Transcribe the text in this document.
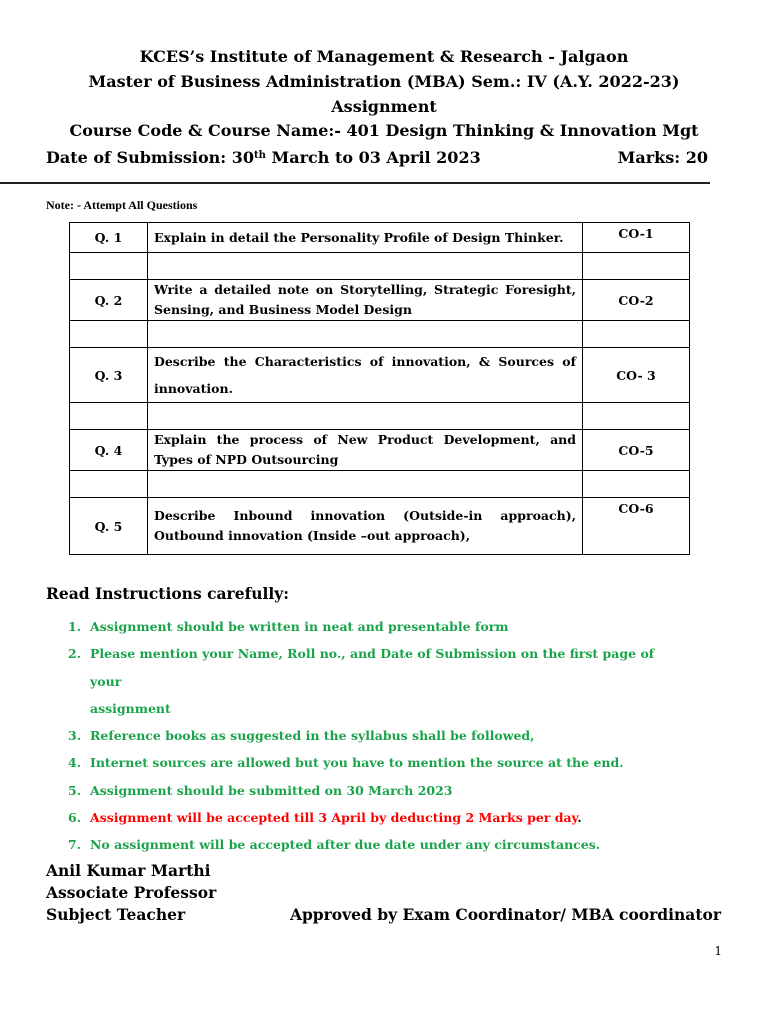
KCES’s Institute of Management & Research - Jalgaon
Master of Business Administration (MBA) Sem.: IV (A.Y. 2022-23)
Assignment
Course Code & Course Name:- 401 Design Thinking & Innovation Mgt
Date of Submission: 30th March to 03 April 2023	Marks: 20
Note: - Attempt All Questions
Q. 1	Explain in detail the Personality Profile of Design Thinker.	CO-1

Q. 2	Write a detailed note on Storytelling, Strategic Foresight, Sensing, and Business Model Design	CO-2

Q. 3	Describe the Characteristics of innovation, & Sources of innovation.	CO- 3

Q. 4	Explain the process of New Product Development, and Types of NPD Outsourcing	CO-5

Q. 5	Describe Inbound innovation (Outside-in approach), Outbound innovation (Inside –out approach),	CO-6
Read Instructions carefully:
1. Assignment should be written in neat and presentable form
2. Please mention your Name, Roll no., and Date of Submission on the first page of your
assignment
3. Reference books as suggested in the syllabus shall be followed,
4. Internet sources are allowed but you have to mention the source at the end.
5. Assignment should be submitted on 30 March 2023
6. Assignment will be accepted till 3 April by deducting 2 Marks per day.
7. No assignment will be accepted after due date under any circumstances.
Anil Kumar Marthi
Associate Professor
Subject Teacher	Approved by Exam Coordinator/ MBA coordinator
1
